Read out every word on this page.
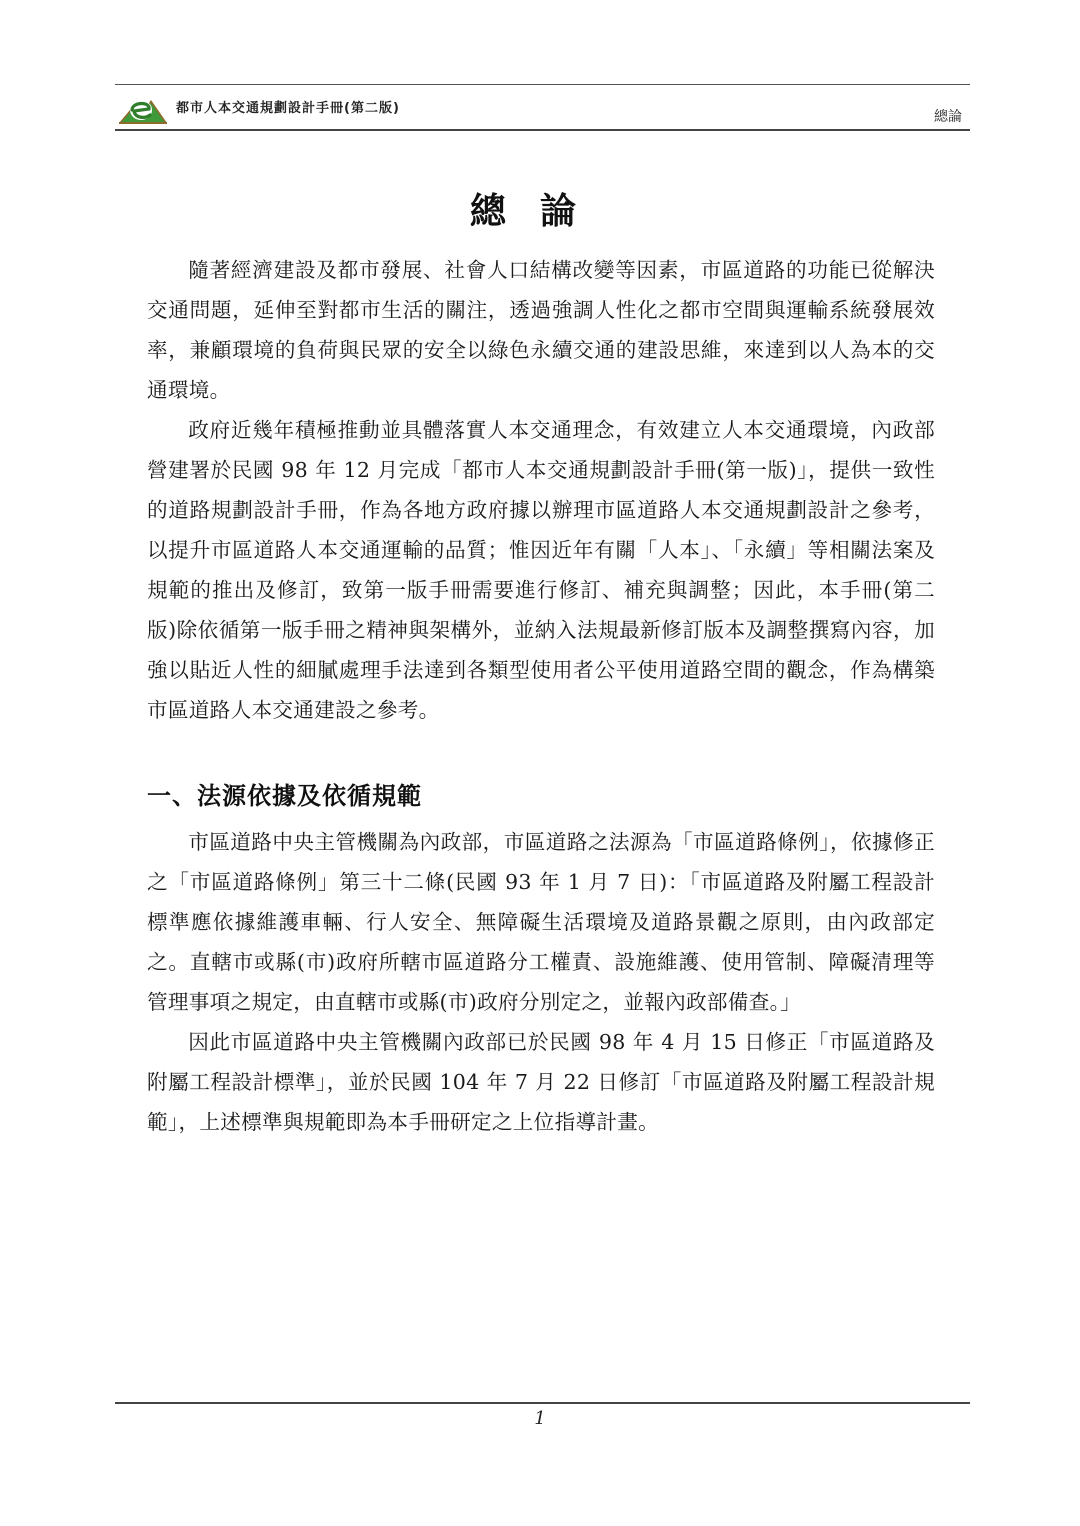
都市人本交通規劃設計手冊(第二版)
總論
總論

隨著經濟建設及都市發展、社會人口結構改變等因素，市區道路的功能已從解決交通問題，延伸至對都市生活的關注，透過強調人性化之都市空間與運輸系統發展效率，兼顧環境的負荷與民眾的安全以綠色永續交通的建設思維，來達到以人為本的交通環境。

政府近幾年積極推動並具體落實人本交通理念，有效建立人本交通環境，內政部營建署於民國 98 年 12 月完成「都市人本交通規劃設計手冊(第一版)」，提供一致性的道路規劃設計手冊，作為各地方政府據以辦理市區道路人本交通規劃設計之參考，以提升市區道路人本交通運輸的品質；惟因近年有關「人本」、「永續」等相關法案及規範的推出及修訂，致第一版手冊需要進行修訂、補充與調整；因此，本手冊(第二版)除依循第一版手冊之精神與架構外，並納入法規最新修訂版本及調整撰寫內容，加強以貼近人性的細膩處理手法達到各類型使用者公平使用道路空間的觀念，作為構築市區道路人本交通建設之參考。

一、法源依據及依循規範

市區道路中央主管機關為內政部，市區道路之法源為「市區道路條例」，依據修正之「市區道路條例」第三十二條(民國 93 年 1 月 7 日)：「市區道路及附屬工程設計標準應依據維護車輛、行人安全、無障礙生活環境及道路景觀之原則，由內政部定之。直轄市或縣(市)政府所轄市區道路分工權責、設施維護、使用管制、障礙清理等管理事項之規定，由直轄市或縣(市)政府分別定之，並報內政部備查。」

因此市區道路中央主管機關內政部已於民國 98 年 4 月 15 日修正「市區道路及附屬工程設計標準」，並於民國 104 年 7 月 22 日修訂「市區道路及附屬工程設計規範」，上述標準與規範即為本手冊研定之上位指導計畫。

1
